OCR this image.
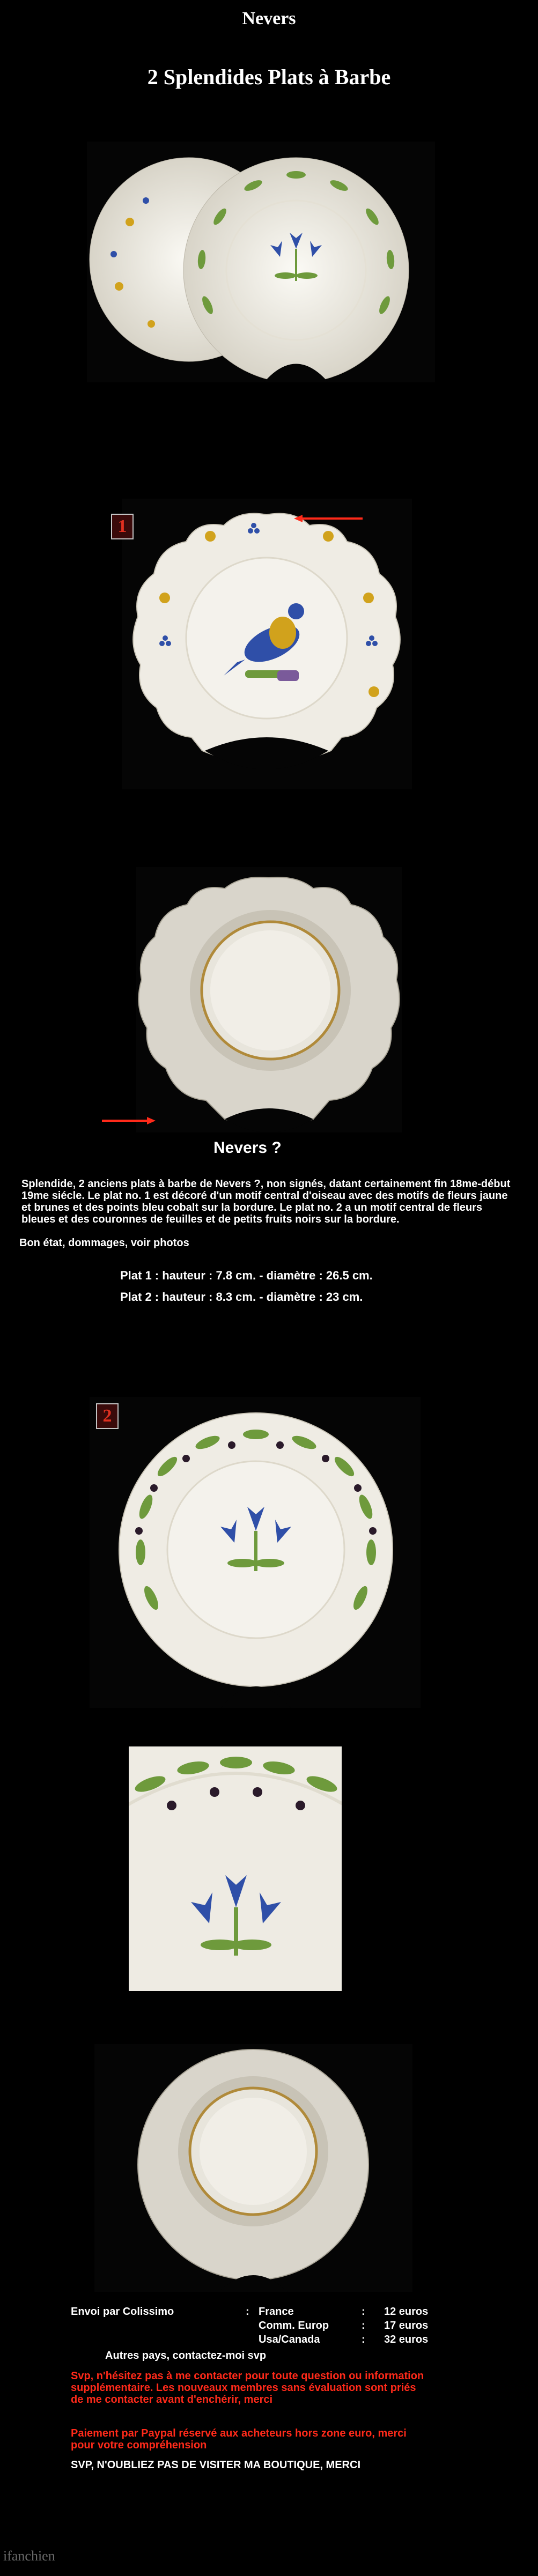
Nevers
2 Splendides Plats à Barbe
1
Nevers ?
Splendide, 2 anciens plats à barbe de Nevers ?, non signés, datant certainement fin 18me-début 19me siécle. Le plat no. 1 est décoré d'un motif central d'oiseau avec des motifs de fleurs jaune et brunes et des points bleu cobalt sur la bordure. Le plat no. 2 a un motif central de fleurs bleues et des couronnes de feuilles et de petits fruits noirs sur la bordure.
Bon état, dommages, voir photos
Plat 1 : hauteur : 7.8 cm. - diamètre : 26.5 cm.
Plat 2 : hauteur : 8.3 cm. - diamètre : 23 cm.
2
Envoi par Colissimo	: France	: 12 euros
Comm. Europ	: 17 euros
Usa/Canada	: 32 euros
Autres pays, contactez-moi svp
Svp, n'hésitez pas à me contacter pour toute question ou information supplémentaire. Les nouveaux membres sans évaluation sont priés de me contacter avant d'enchérir, merci
Paiement par Paypal réservé aux acheteurs hors zone euro, merci pour votre compréhension
SVP, N'OUBLIEZ PAS DE VISITER MA BOUTIQUE, MERCI
ifanchien
